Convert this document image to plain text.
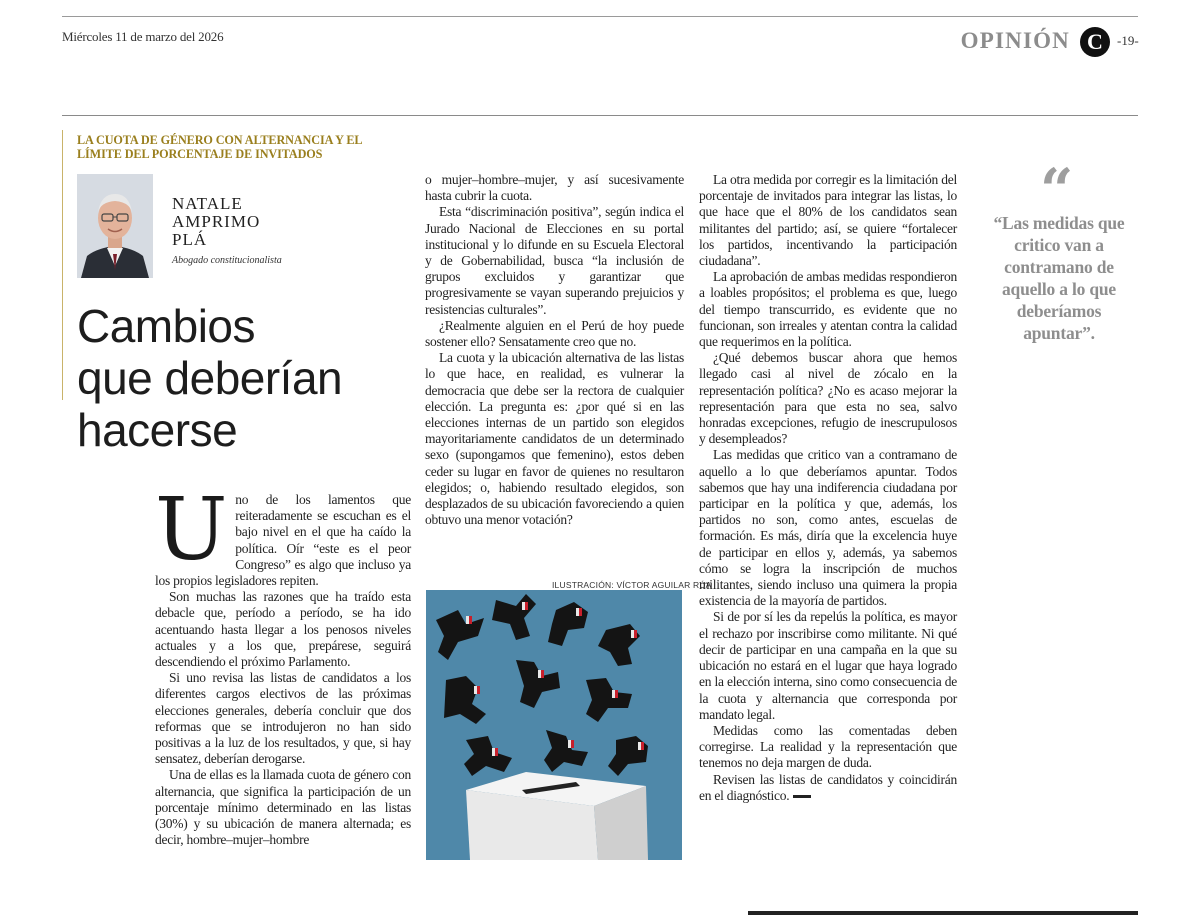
Miércoles 11 de marzo del 2026	OPINIÓN C	-19-
LA CUOTA DE GÉNERO CON ALTERNANCIA Y EL LÍMITE DEL PORCENTAJE DE INVITADOS
NATALE
AMPRIMO
PLÁ
Abogado constitucionalista
Cambios
que deberían
hacerse

Uno de los lamentos que reiteradamente se escuchan es el bajo nivel en el que ha caído la política. Oír “este es el peor Congreso” es algo que incluso ya los propios legisladores repiten.

Son muchas las razones que ha traído esta debacle que, período a período, se ha ido acentuando hasta llegar a los penosos niveles actuales y a los que, prepárese, seguirá descendiendo el próximo Parlamento.

Si uno revisa las listas de candidatos a los diferentes cargos electivos de las próximas elecciones generales, debería concluir que dos reformas que se introdujeron no han sido positivas a la luz de los resultados, y que, si hay sensatez, deberían derogarse.

Una de ellas es la llamada cuota de género con alternancia, que significa la participación de un porcentaje mínimo determinado en las listas (30%) y su ubicación de manera alternada; es decir, hombre–mujer–hombre

o mujer–hombre–mujer, y así sucesivamente hasta cubrir la cuota.

Esta “discriminación positiva”, según indica el Jurado Nacional de Elecciones en su portal institucional y lo difunde en su Escuela Electoral y de Gobernabilidad, busca “la inclusión de grupos excluidos y garantizar que progresivamente se vayan superando prejuicios y resistencias culturales”.

¿Realmente alguien en el Perú de hoy puede sostener ello? Sensatamente creo que no.

La cuota y la ubicación alternativa de las listas lo que hace, en realidad, es vulnerar la democracia que debe ser la rectora de cualquier elección. La pregunta es: ¿por qué si en las elecciones internas de un partido son elegidos mayoritariamente candidatos de un determinado sexo (supongamos que femenino), estos deben ceder su lugar en favor de quienes no resultaron elegidos; o, habiendo resultado elegidos, son desplazados de su ubicación favoreciendo a quien obtuvo una menor votación?

ILUSTRACIÓN: VÍCTOR AGUILAR RÚA

La otra medida por corregir es la limitación del porcentaje de invitados para integrar las listas, lo que hace que el 80% de los candidatos sean militantes del partido; así, se quiere “fortalecer los partidos, incentivando la participación ciudadana”.

La aprobación de ambas medidas respondieron a loables propósitos; el problema es que, luego del tiempo transcurrido, es evidente que no funcionan, son irreales y atentan contra la calidad que requerimos en la política.

¿Qué debemos buscar ahora que hemos llegado casi al nivel de zócalo en la representación política? ¿No es acaso mejorar la representación para que esta no sea, salvo honradas excepciones, refugio de inescrupulosos y desempleados?

Las medidas que critico van a contramano de aquello a lo que deberíamos apuntar. Todos sabemos que hay una indiferencia ciudadana por participar en la política y que, además, los partidos no son, como antes, escuelas de formación. Es más, diría que la excelencia huye de participar en ellos y, además, ya sabemos cómo se logra la inscripción de muchos militantes, siendo incluso una quimera la propia existencia de la mayoría de partidos.

Si de por sí les da repelús la política, es mayor el rechazo por inscribirse como militante. Ni qué decir de participar en una campaña en la que su ubicación no estará en el lugar que haya logrado en la elección interna, sino como consecuencia de la cuota y alternancia que corresponda por mandato legal.

Medidas como las comentadas deben corregirse. La realidad y la representación que tenemos no deja margen de duda.

Revisen las listas de candidatos y coincidirán en el diagnóstico.

“
“Las medidas que critico van a contramano de aquello a lo que deberíamos apuntar”.
